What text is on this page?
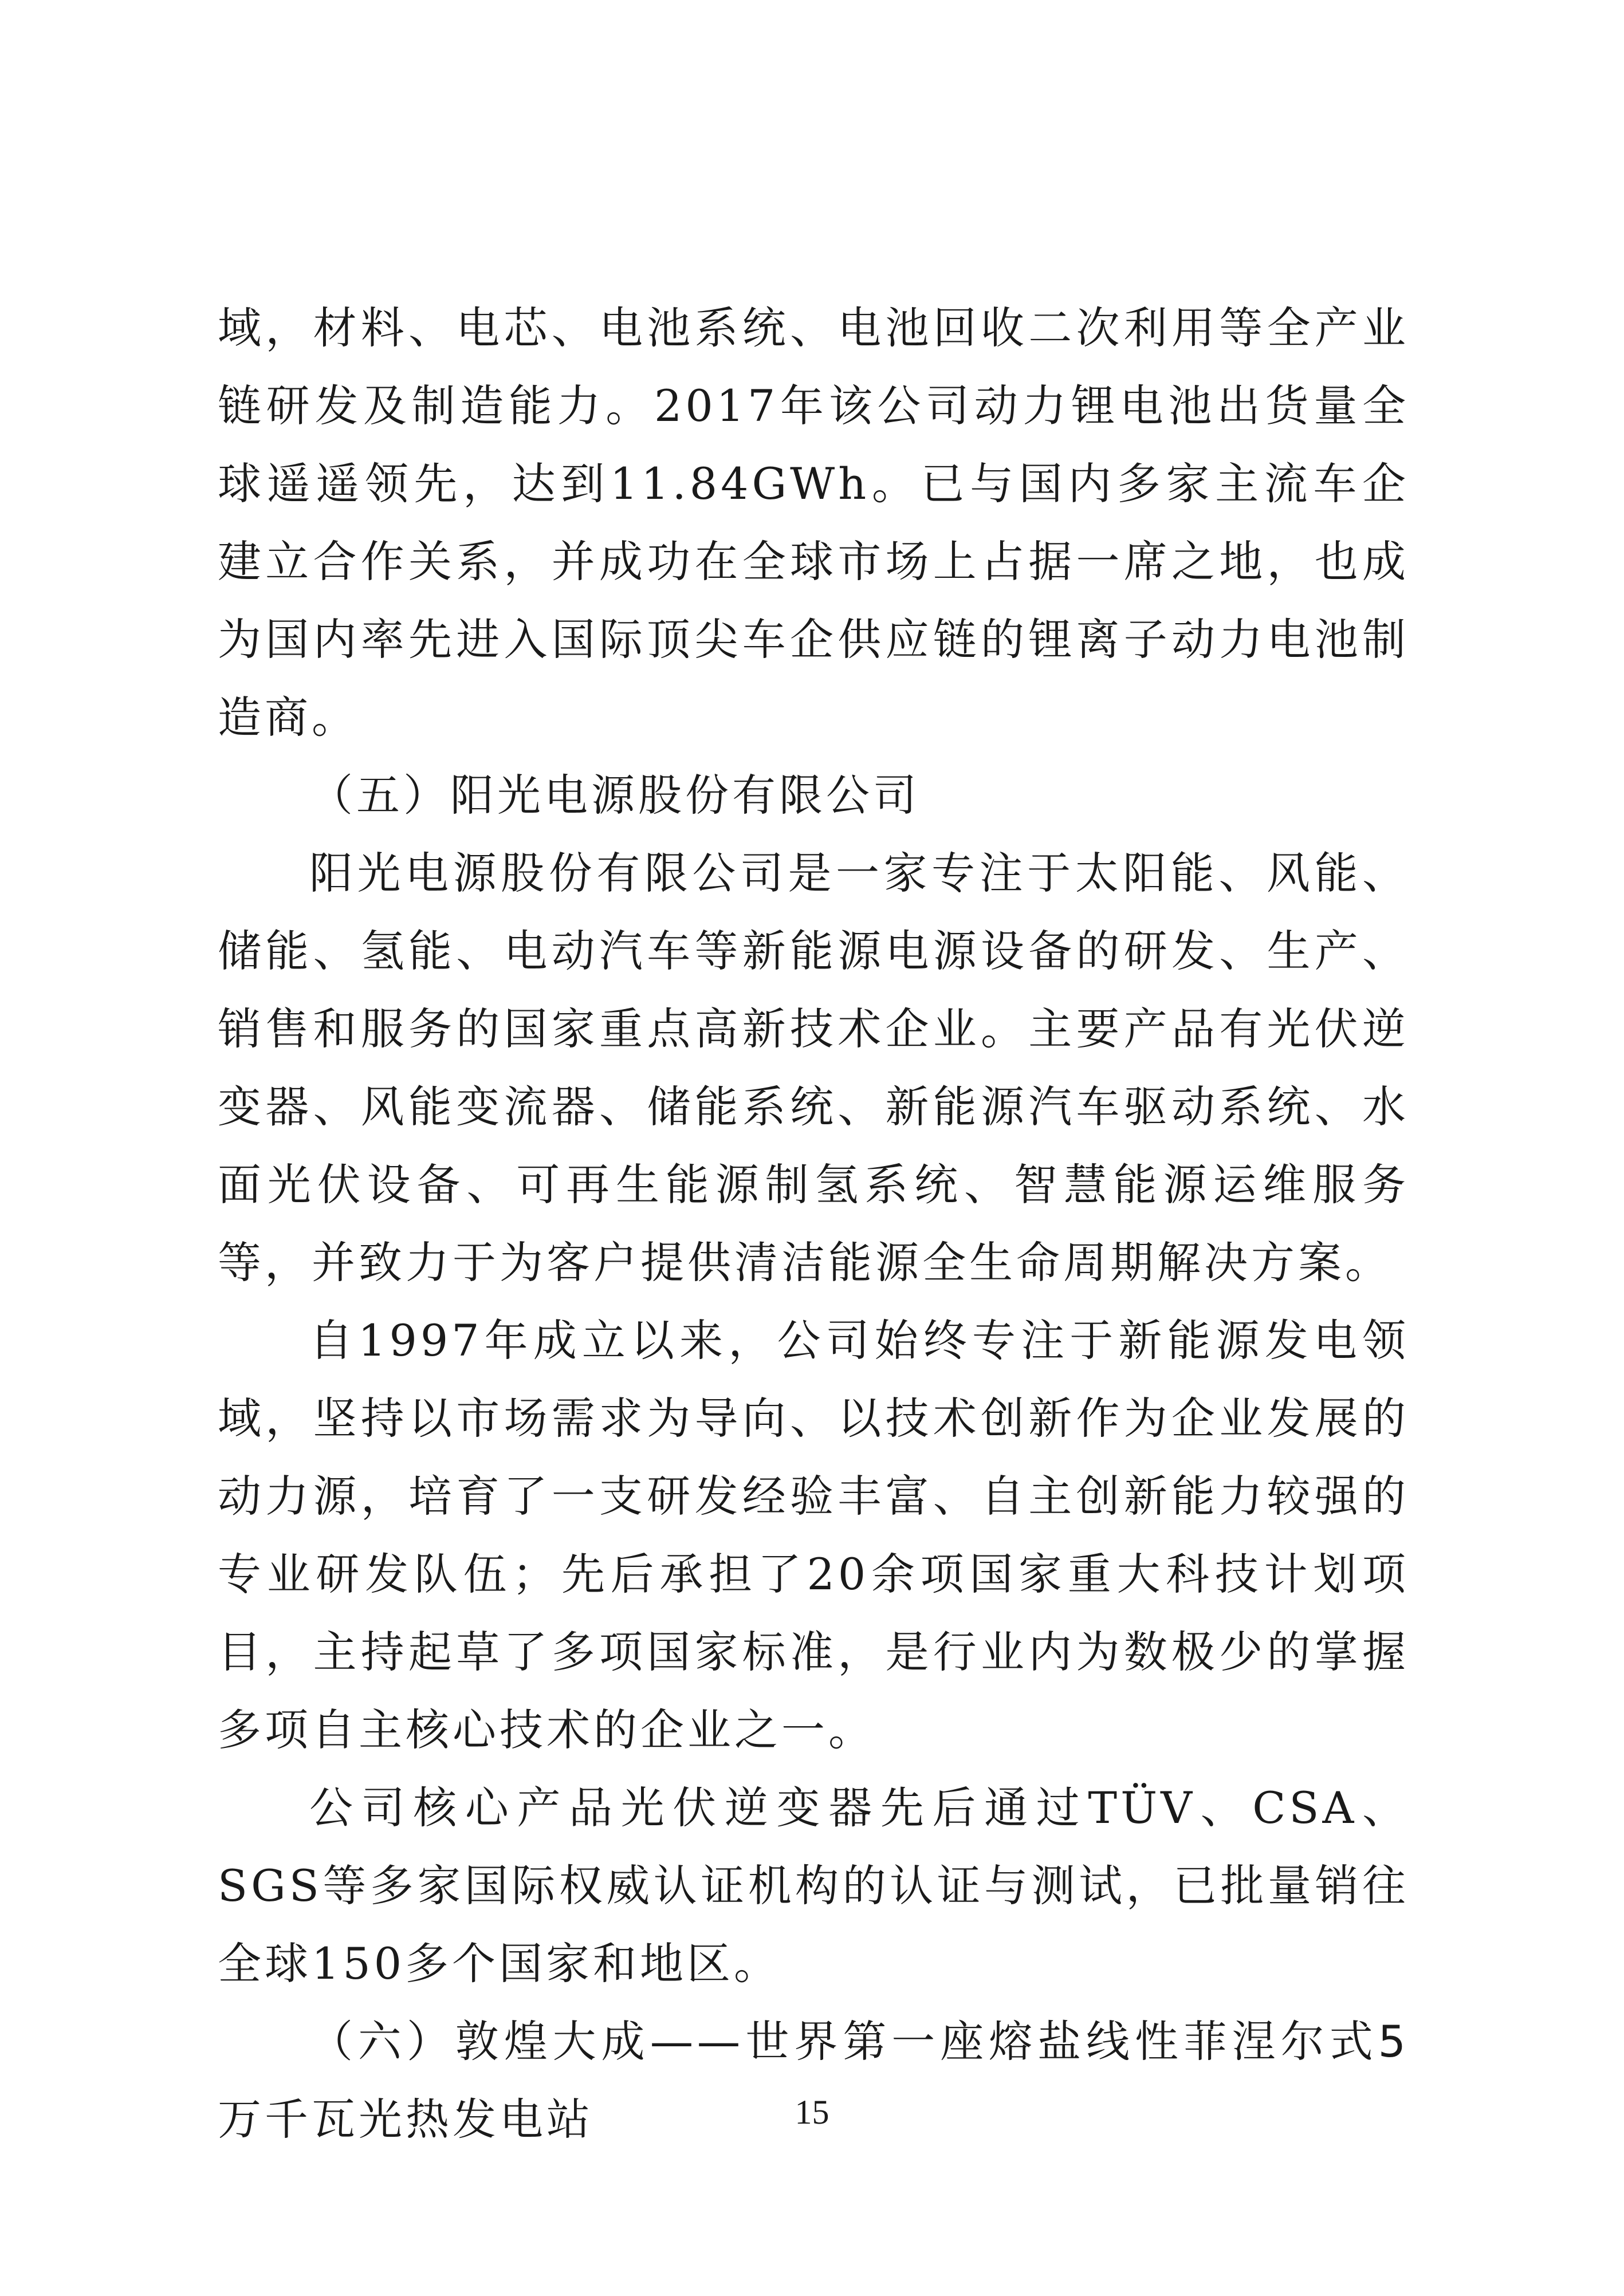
域，材料、电芯、电池系统、电池回收二次利用等全产业链研发及制造能力。2017年该公司动力锂电池出货量全球遥遥领先，达到11.84GWh。已与国内多家主流车企建立合作关系，并成功在全球市场上占据一席之地，也成为国内率先进入国际顶尖车企供应链的锂离子动力电池制造商。

（五）阳光电源股份有限公司

阳光电源股份有限公司是一家专注于太阳能、风能、储能、氢能、电动汽车等新能源电源设备的研发、生产、销售和服务的国家重点高新技术企业。主要产品有光伏逆变器、风能变流器、储能系统、新能源汽车驱动系统、水面光伏设备、可再生能源制氢系统、智慧能源运维服务等，并致力于为客户提供清洁能源全生命周期解决方案。

自1997年成立以来，公司始终专注于新能源发电领域，坚持以市场需求为导向、以技术创新作为企业发展的动力源，培育了一支研发经验丰富、自主创新能力较强的专业研发队伍；先后承担了20余项国家重大科技计划项目，主持起草了多项国家标准，是行业内为数极少的掌握多项自主核心技术的企业之一。

公司核心产品光伏逆变器先后通过TÜV、CSA、SGS等多家国际权威认证机构的认证与测试，已批量销往全球150多个国家和地区。

（六）敦煌大成——世界第一座熔盐线性菲涅尔式5万千瓦光热发电站	15
